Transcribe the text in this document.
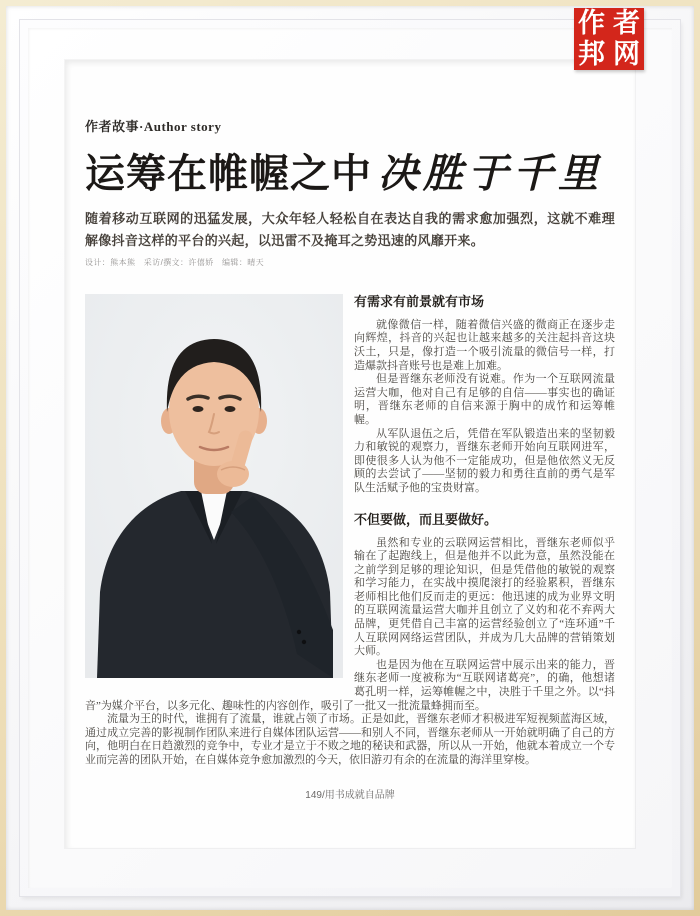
作者故事·Author story

运筹在帷幄之中 决胜于千里

随着移动互联网的迅猛发展，大众年轻人轻松自在表达自我的需求愈加强烈，这就不难理解像抖音这样的平台的兴起，以迅雷不及掩耳之势迅速的风靡开来。

设计：熊本熊　采访/撰文：许僖娇　编辑：晴天

有需求有前景就有市场

就像微信一样，随着微信兴盛的微商正在逐步走向辉煌，抖音的兴起也让越来越多的关注起抖音这块沃土，只是，像打造一个吸引流量的微信号一样，打造爆款抖音账号也是难上加难。

但是晋继东老师没有说难。作为一个互联网流量运营大咖，他对自己有足够的自信——事实也的确证明，晋继东老师的自信来源于胸中的成竹和运筹帷幄。

从军队退伍之后，凭借在军队锻造出来的坚韧毅力和敏锐的观察力，晋继东老师开始向互联网进军，即使很多人认为他不一定能成功，但是他依然义无反顾的去尝试了——坚韧的毅力和勇往直前的勇气是军队生活赋予他的宝贵财富。

不但要做，而且要做好。

虽然和专业的云联网运营相比，晋继东老师似乎输在了起跑线上，但是他并不以此为意，虽然没能在之前学到足够的理论知识，但是凭借他的敏锐的观察和学习能力，在实战中摸爬滚打的经验累积，晋继东老师相比他们反而走的更远：他迅速的成为业界文明的互联网流量运营大咖并且创立了义妁和花不弃两大品牌，更凭借自己丰富的运营经验创立了“连环通”千人互联网网络运营团队，并成为几大品牌的营销策划大师。

也是因为他在互联网运营中展示出来的能力，晋继东老师一度被称为“互联网诸葛亮”，的确，他想诸葛孔明一样，运筹帷幄之中，决胜于千里之外。以“抖音”为媒介平台，以多元化、趣味性的内容创作，吸引了一批又一批流量蜂拥而至。

流量为王的时代，谁拥有了流量，谁就占领了市场。正是如此，晋继东老师才积极进军短视频蓝海区域，通过成立完善的影视制作团队来进行自媒体团队运营——和别人不同，晋继东老师从一开始就明确了自己的方向，他明白在日趋激烈的竞争中，专业才是立于不败之地的秘诀和武器，所以从一开始，他就本着成立一个专业而完善的团队开始，在自媒体竞争愈加激烈的今天，依旧游刃有余的在流量的海洋里穿梭。

149/用书成就自品牌
作 者
邦 网
